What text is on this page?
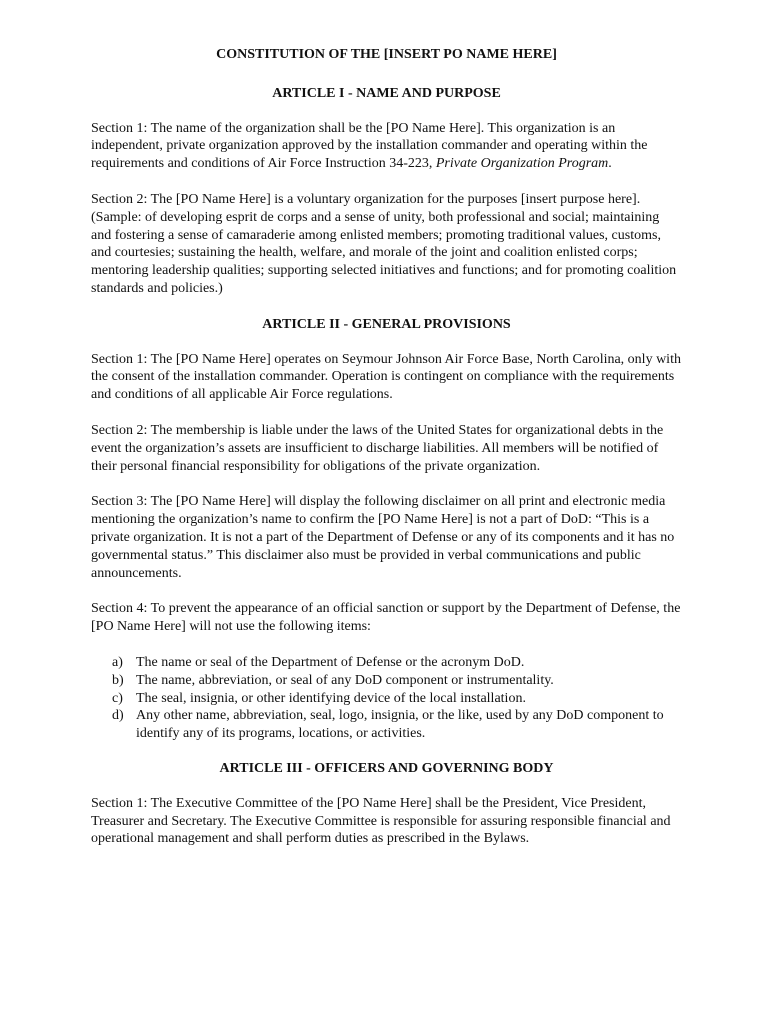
CONSTITUTION OF THE [INSERT PO NAME HERE]
ARTICLE I - NAME AND PURPOSE

Section 1: The name of the organization shall be the [PO Name Here]. This organization is an independent, private organization approved by the installation commander and operating within the requirements and conditions of Air Force Instruction 34-223, Private Organization Program.

Section 2: The [PO Name Here] is a voluntary organization for the purposes [insert purpose here]. (Sample: of developing esprit de corps and a sense of unity, both professional and social; maintaining and fostering a sense of camaraderie among enlisted members; promoting traditional values, customs, and courtesies; sustaining the health, welfare, and morale of the joint and coalition enlisted corps; mentoring leadership qualities; supporting selected initiatives and functions; and for promoting coalition standards and policies.)

ARTICLE II - GENERAL PROVISIONS

Section 1: The [PO Name Here] operates on Seymour Johnson Air Force Base, North Carolina, only with the consent of the installation commander. Operation is contingent on compliance with the requirements and conditions of all applicable Air Force regulations.

Section 2: The membership is liable under the laws of the United States for organizational debts in the event the organization’s assets are insufficient to discharge liabilities. All members will be notified of their personal financial responsibility for obligations of the private organization.

Section 3: The [PO Name Here] will display the following disclaimer on all print and electronic media mentioning the organization’s name to confirm the [PO Name Here] is not a part of DoD: “This is a private organization. It is not a part of the Department of Defense or any of its components and it has no governmental status.” This disclaimer also must be provided in verbal communications and public announcements.

Section 4: To prevent the appearance of an official sanction or support by the Department of Defense, the [PO Name Here] will not use the following items:

a) The name or seal of the Department of Defense or the acronym DoD.
b) The name, abbreviation, or seal of any DoD component or instrumentality.
c) The seal, insignia, or other identifying device of the local installation.
d) Any other name, abbreviation, seal, logo, insignia, or the like, used by any DoD component to identify any of its programs, locations, or activities.
ARTICLE III - OFFICERS AND GOVERNING BODY

Section 1: The Executive Committee of the [PO Name Here] shall be the President, Vice President, Treasurer and Secretary. The Executive Committee is responsible for assuring responsible financial and operational management and shall perform duties as prescribed in the Bylaws.
